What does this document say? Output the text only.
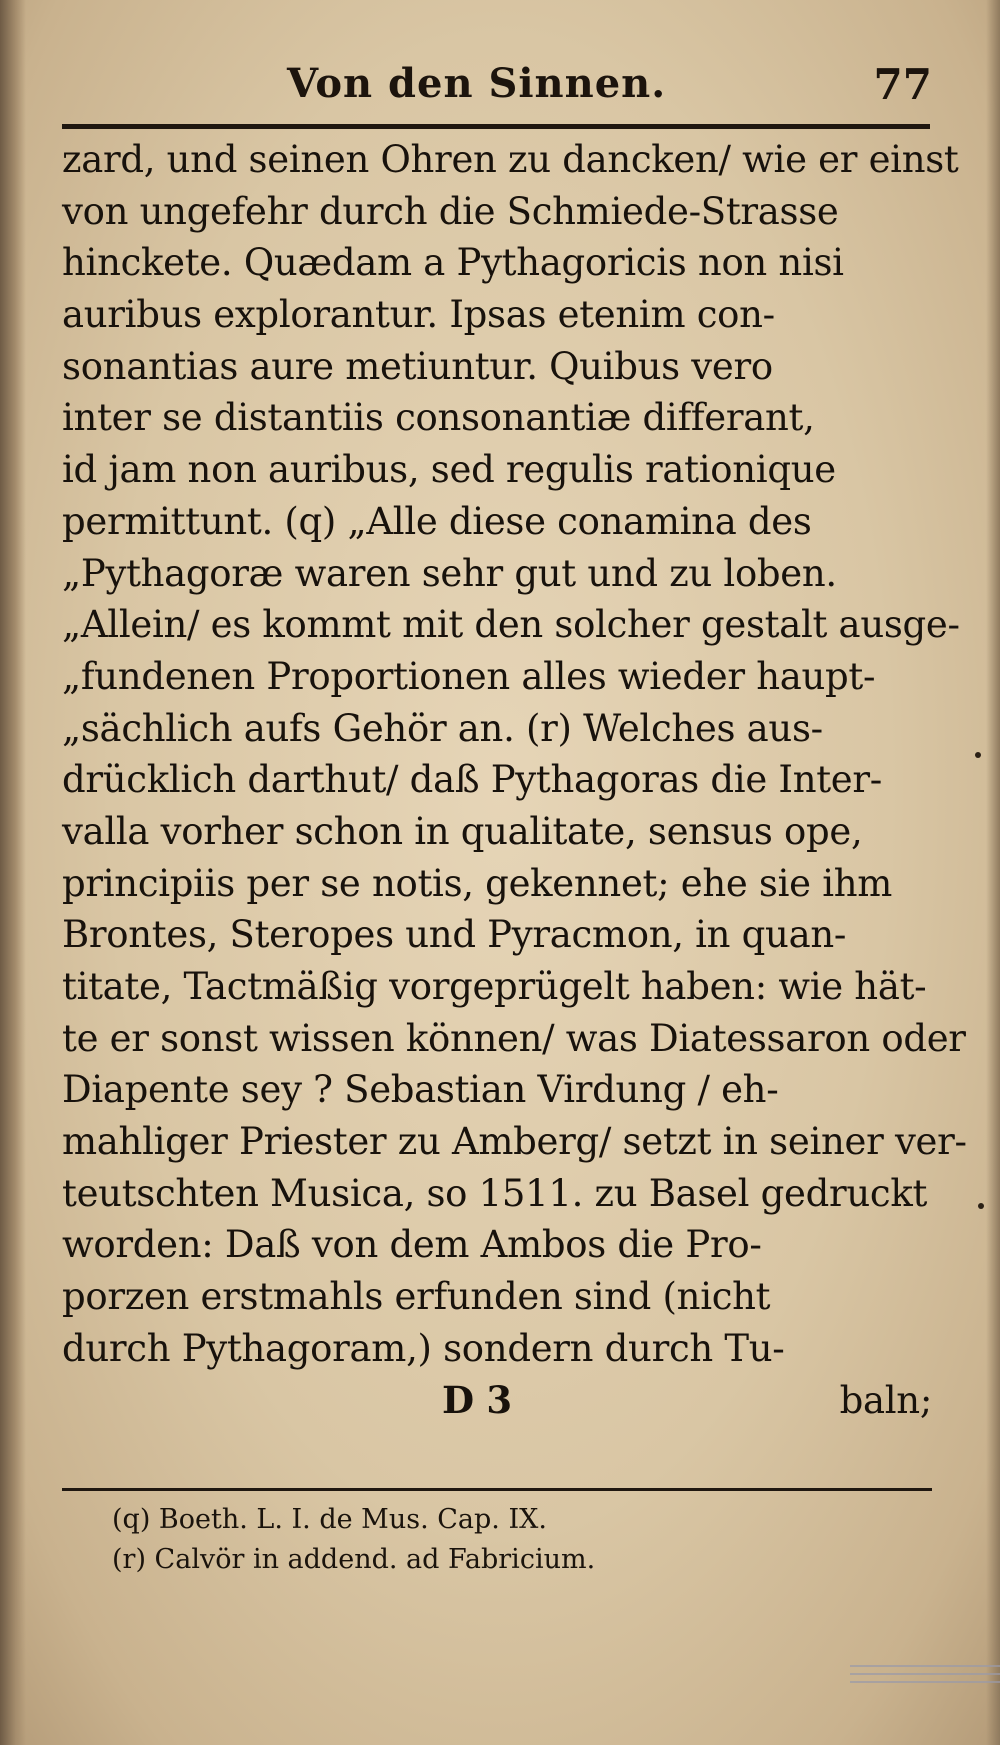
Von den Sinnen.	77
zard, und seinen Ohren zu dancken/ wie er einst
von ungefehr durch die Schmiede-Strasse
hinckete. Quædam a Pythagoricis non nisi
auribus explorantur. Ipsas etenim con-
sonantias aure metiuntur. Quibus vero
inter se distantiis consonantiæ differant,
id jam non auribus, sed regulis rationique
permittunt. (q) „Alle diese conamina des
„Pythagoræ waren sehr gut und zu loben.
„Allein/ es kommt mit den solcher gestalt ausge-
„fundenen Proportionen alles wieder haupt-
„sächlich aufs Gehör an. (r) Welches aus-
drücklich darthut/ daß Pythagoras die Inter-
valla vorher schon in qualitate, sensus ope,
principiis per se notis, gekennet; ehe sie ihm
Brontes, Steropes und Pyracmon, in quan-
titate, Tactmäßig vorgeprügelt haben: wie hät-
te er sonst wissen können/ was Diatessaron oder
Diapente sey ? Sebastian Virdung / eh-
mahliger Priester zu Amberg/ setzt in seiner ver-
teutschten Musica, so 1511. zu Basel gedruckt
worden: Daß von dem Ambos die Pro-
porzen erstmahls erfunden sind (nicht
durch Pythagoram,) sondern durch Tu-
D 3	baln;
(q) Boeth. L. I. de Mus. Cap. IX.
(r) Calvör in addend. ad Fabricium.
